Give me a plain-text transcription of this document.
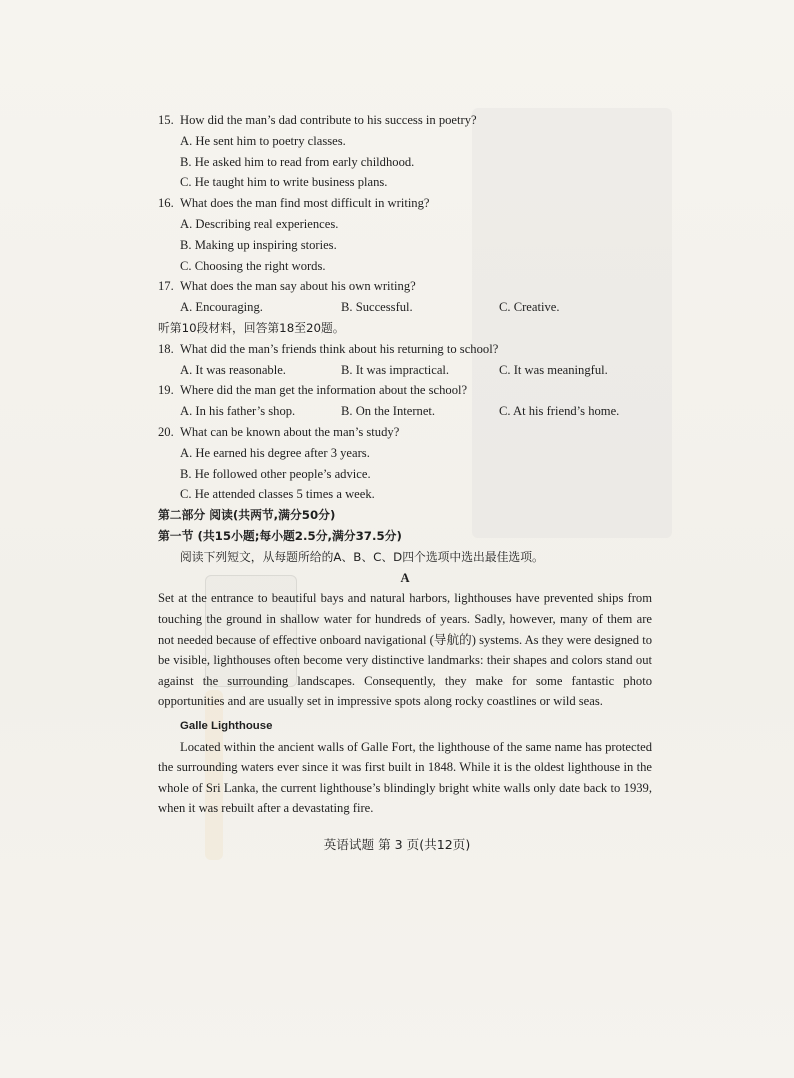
15. How did the man’s dad contribute to his success in poetry?
A. He sent him to poetry classes.
B. He asked him to read from early childhood.
C. He taught him to write business plans.
16. What does the man find most difficult in writing?
A. Describing real experiences.
B. Making up inspiring stories.
C. Choosing the right words.
17. What does the man say about his own writing?
A. Encouraging.	B. Successful.	C. Creative.
听第10段材料，回答第18至20题。
18. What did the man’s friends think about his returning to school?
A. It was reasonable.	B. It was impractical.	C. It was meaningful.
19. Where did the man get the information about the school?
A. In his father’s shop.	B. On the Internet.	C. At his friend’s home.
20. What can be known about the man’s study?
A. He earned his degree after 3 years.
B. He followed other people’s advice.
C. He attended classes 5 times a week.
第二部分 阅读(共两节,满分50分)
第一节 (共15小题;每小题2.5分,满分37.5分)
阅读下列短文，从每题所给的A、B、C、D四个选项中选出最佳选项。
A

Set at the entrance to beautiful bays and natural harbors, lighthouses have prevented ships from touching the ground in shallow water for hundreds of years. Sadly, however, many of them are not needed because of effective onboard navigational (导航的) systems. As they were designed to be visible, lighthouses often become very distinctive landmarks: their shapes and colors stand out against the surrounding landscapes. Consequently, they make for some fantastic photo opportunities and are usually set in impressive spots along rocky coastlines or wild seas.

Galle Lighthouse

Located within the ancient walls of Galle Fort, the lighthouse of the same name has protected the surrounding waters ever since it was first built in 1848. While it is the oldest lighthouse in the whole of Sri Lanka, the current lighthouse’s blindingly bright white walls only date back to 1939, when it was rebuilt after a devastating fire.

英语试题 第 3 页(共12页)
